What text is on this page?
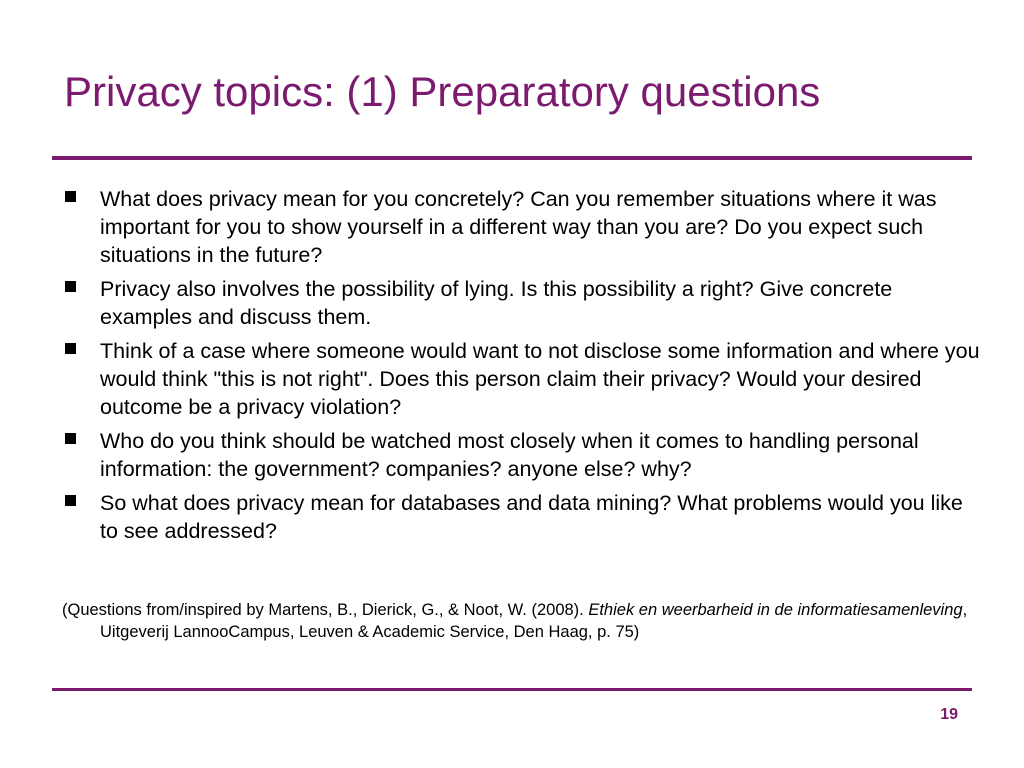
Privacy topics: (1) Preparatory questions
What does privacy mean for you concretely? Can you remember situations where it was important for you to show yourself in a different way than you are? Do you expect such situations in the future?
Privacy also involves the possibility of lying. Is this possibility a right? Give concrete examples and discuss them.
Think of a case where someone would want to not disclose some information and where you would think "this is not right". Does this person claim their privacy? Would your desired outcome be a privacy violation?
Who do you think should be watched most closely when it comes to handling personal information: the government? companies? anyone else? why?
So what does privacy mean for databases and data mining? What problems would you like to see addressed?

(Questions from/inspired by Martens, B., Dierick, G., & Noot, W. (2008). Ethiek en weerbarheid in de informatiesamenleving, Uitgeverij LannooCampus, Leuven & Academic Service, Den Haag, p. 75)

19
